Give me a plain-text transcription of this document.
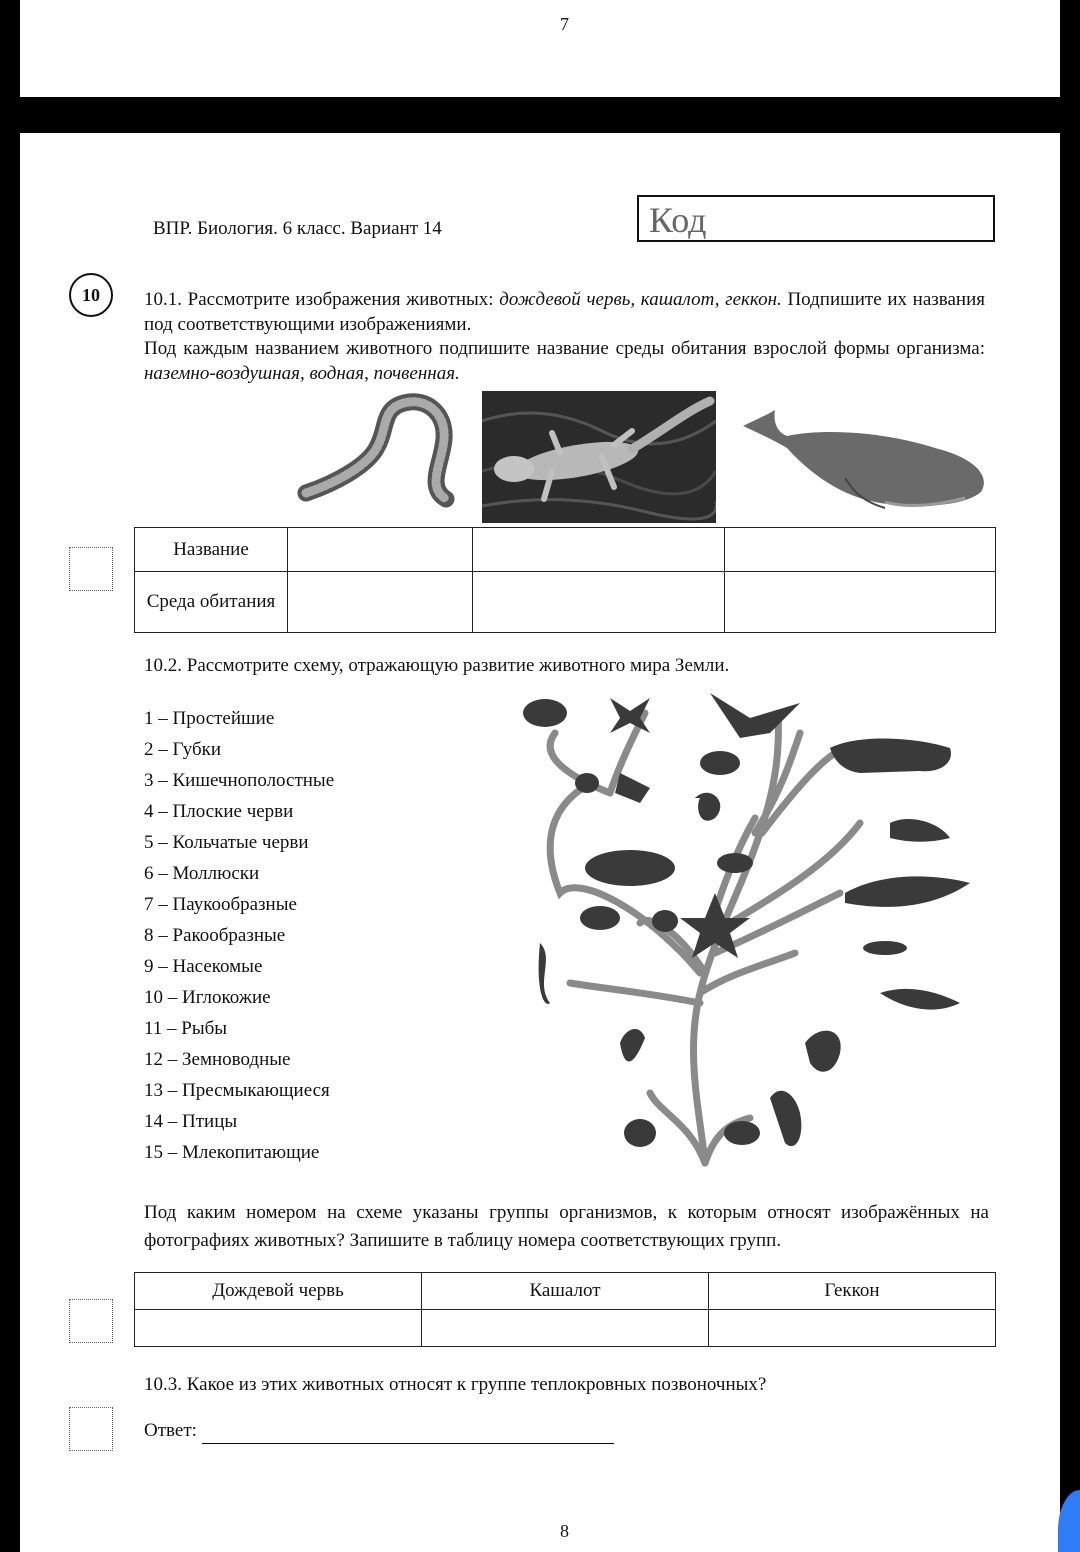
7
ВПР. Биология. 6 класс. Вариант 14	Код
10 10.1. Рассмотрите изображения животных: дождевой червь, кашалот, геккон. Подпишите их названия под соответствующими изображениями.
Под каждым названием животного подпишите название среды обитания взрослой формы организма: наземно-воздушная, водная, почвенная.
Название			
Среда обитания			
10.2. Рассмотрите схему, отражающую развитие животного мира Земли.
1 – Простейшие
2 – Губки
3 – Кишечнополостные
4 – Плоские черви
5 – Кольчатые черви
6 – Моллюски
7 – Паукообразные
8 – Ракообразные
9 – Насекомые
10 – Иглокожие
11 – Рыбы
12 – Земноводные
13 – Пресмыкающиеся
14 – Птицы
15 – Млекопитающие
Под каким номером на схеме указаны группы организмов, к которым относят изображённых на фотографиях животных? Запишите в таблицу номера соответствующих групп.
Дождевой червь	Кашалот	Геккон

10.3. Какое из этих животных относят к группе теплокровных позвоночных?
Ответ:
8
